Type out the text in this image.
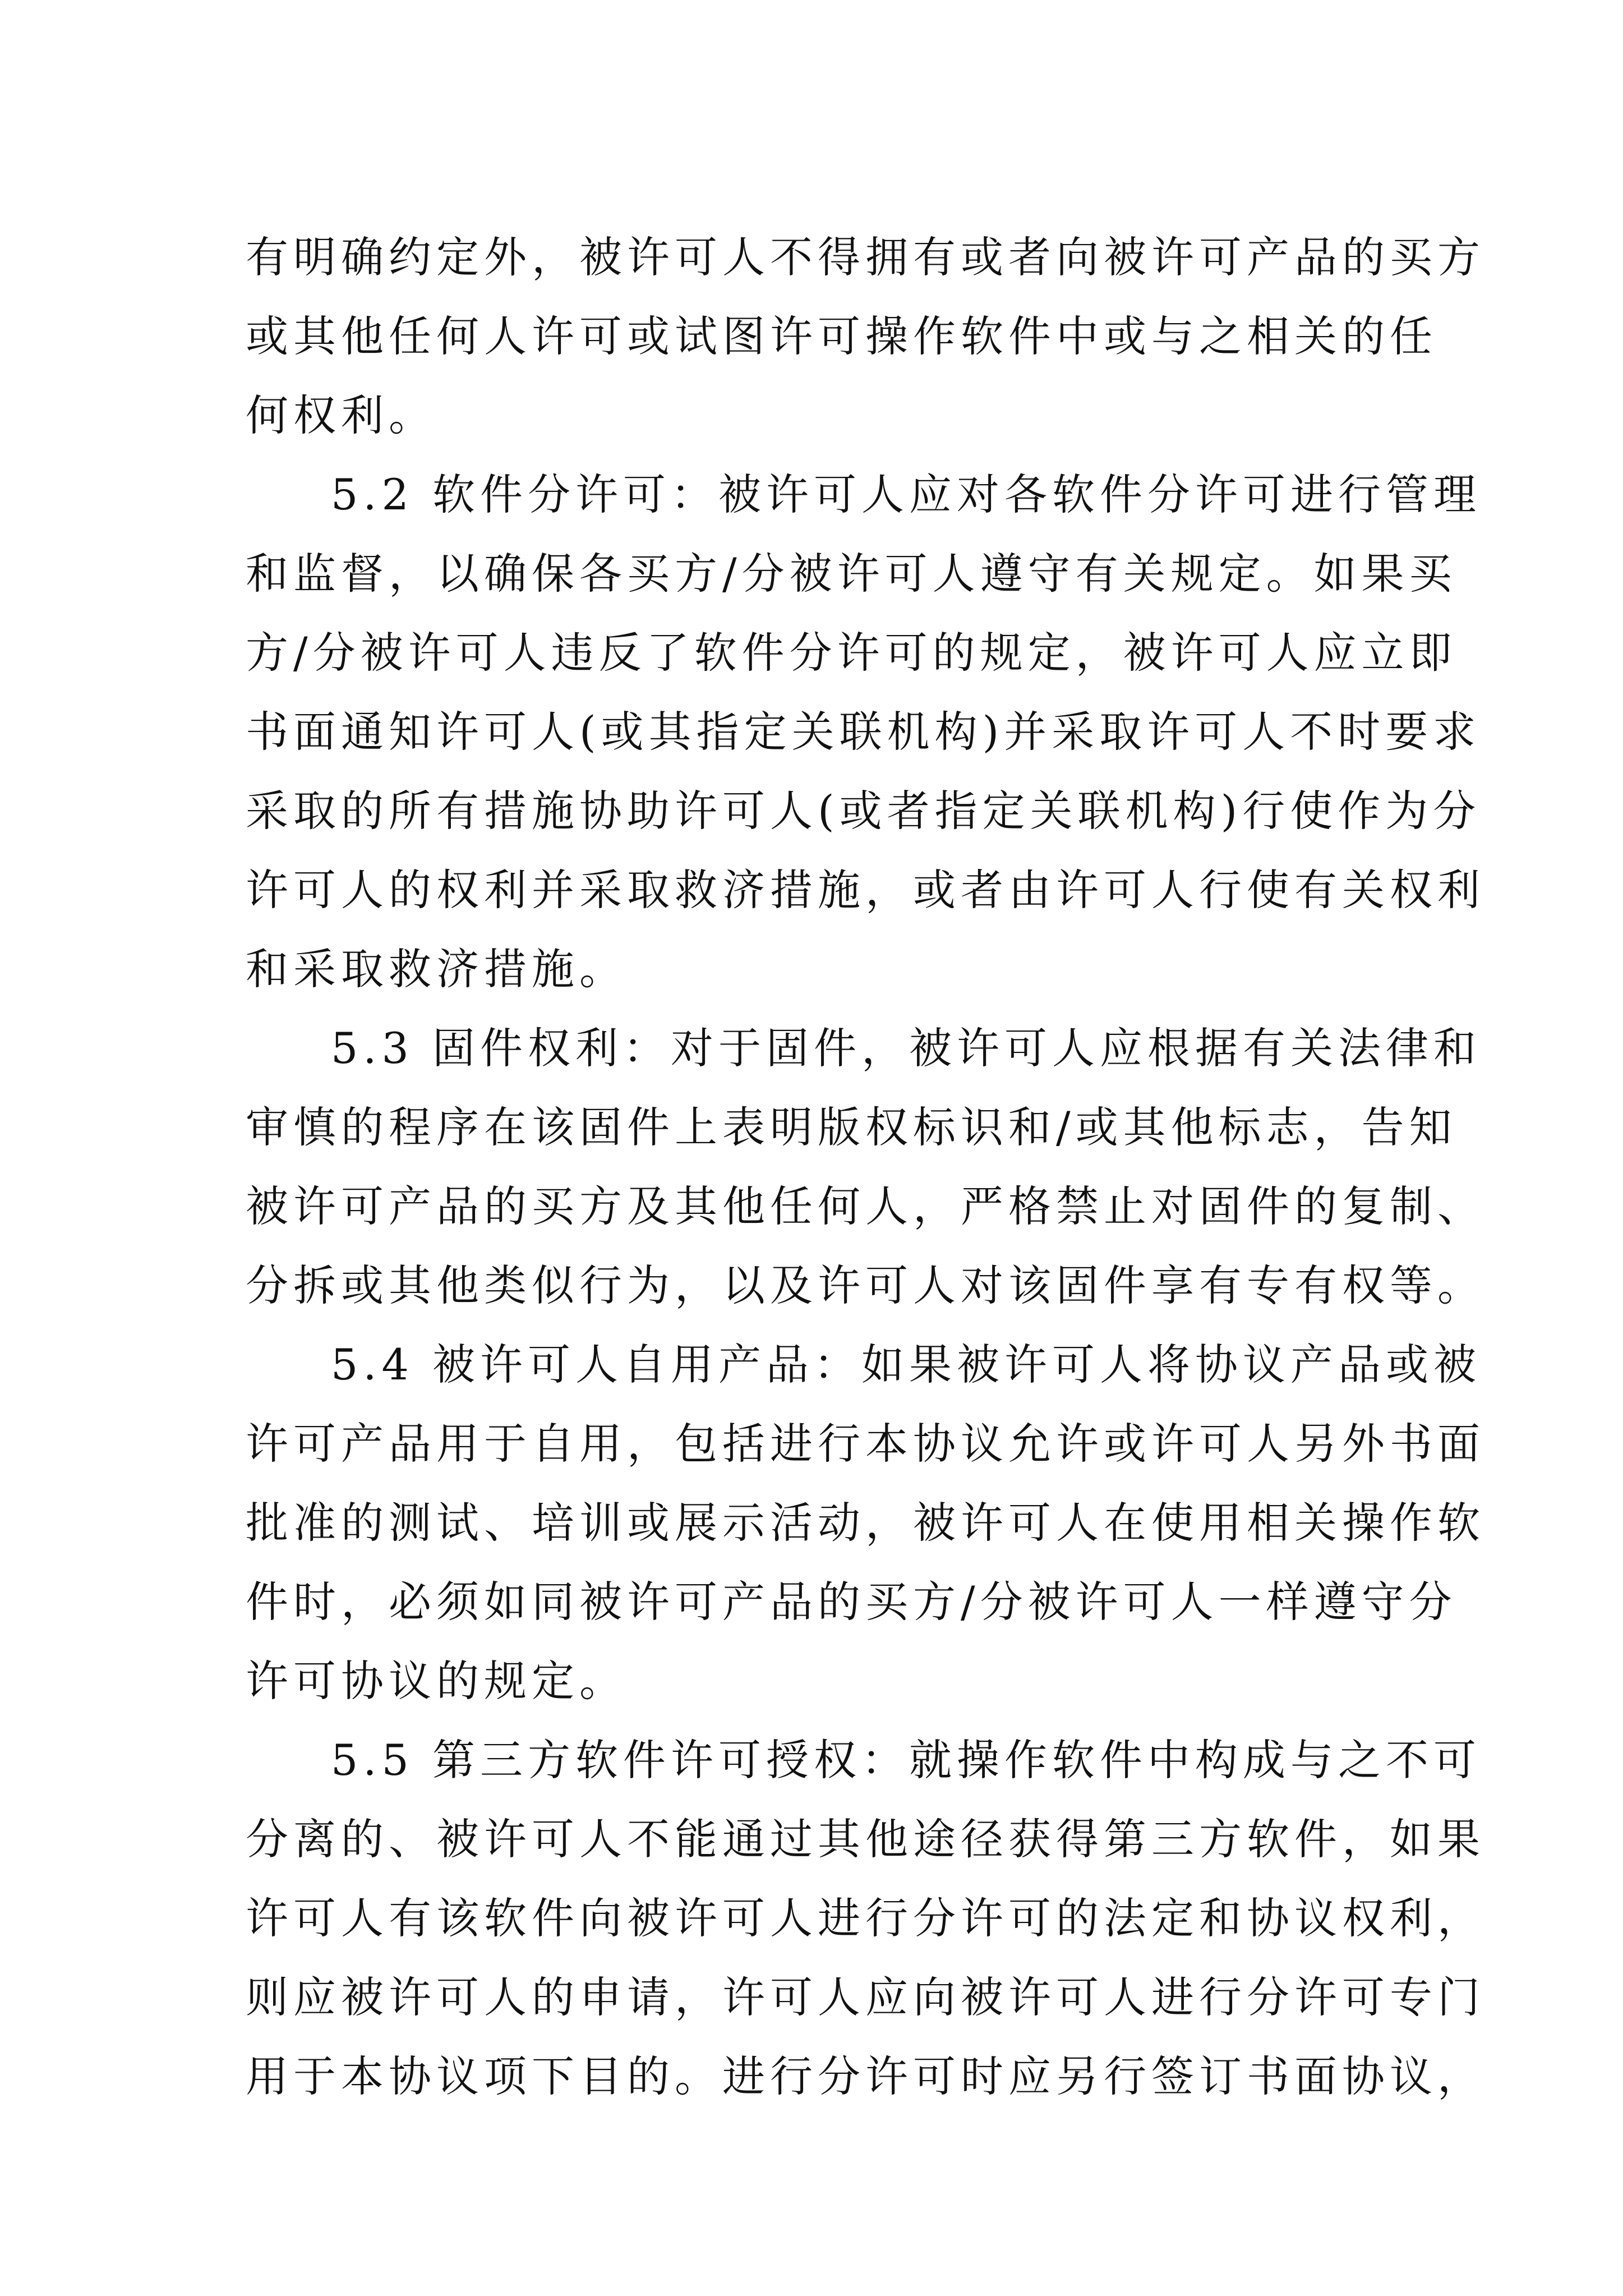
有明确约定外，被许可人不得拥有或者向被许可产品的买方
或其他任何人许可或试图许可操作软件中或与之相关的任
何权利。
5.2 软件分许可：被许可人应对各软件分许可进行管理
和监督，以确保各买方/分被许可人遵守有关规定。如果买
方/分被许可人违反了软件分许可的规定，被许可人应立即
书面通知许可人(或其指定关联机构)并采取许可人不时要求
采取的所有措施协助许可人(或者指定关联机构)行使作为分
许可人的权利并采取救济措施，或者由许可人行使有关权利
和采取救济措施。
5.3 固件权利：对于固件，被许可人应根据有关法律和
审慎的程序在该固件上表明版权标识和/或其他标志，告知
被许可产品的买方及其他任何人，严格禁止对固件的复制、
分拆或其他类似行为，以及许可人对该固件享有专有权等。
5.4 被许可人自用产品：如果被许可人将协议产品或被
许可产品用于自用，包括进行本协议允许或许可人另外书面
批准的测试、培训或展示活动，被许可人在使用相关操作软
件时，必须如同被许可产品的买方/分被许可人一样遵守分
许可协议的规定。
5.5 第三方软件许可授权：就操作软件中构成与之不可
分离的、被许可人不能通过其他途径获得第三方软件，如果
许可人有该软件向被许可人进行分许可的法定和协议权利，
则应被许可人的申请，许可人应向被许可人进行分许可专门
用于本协议项下目的。进行分许可时应另行签订书面协议，
